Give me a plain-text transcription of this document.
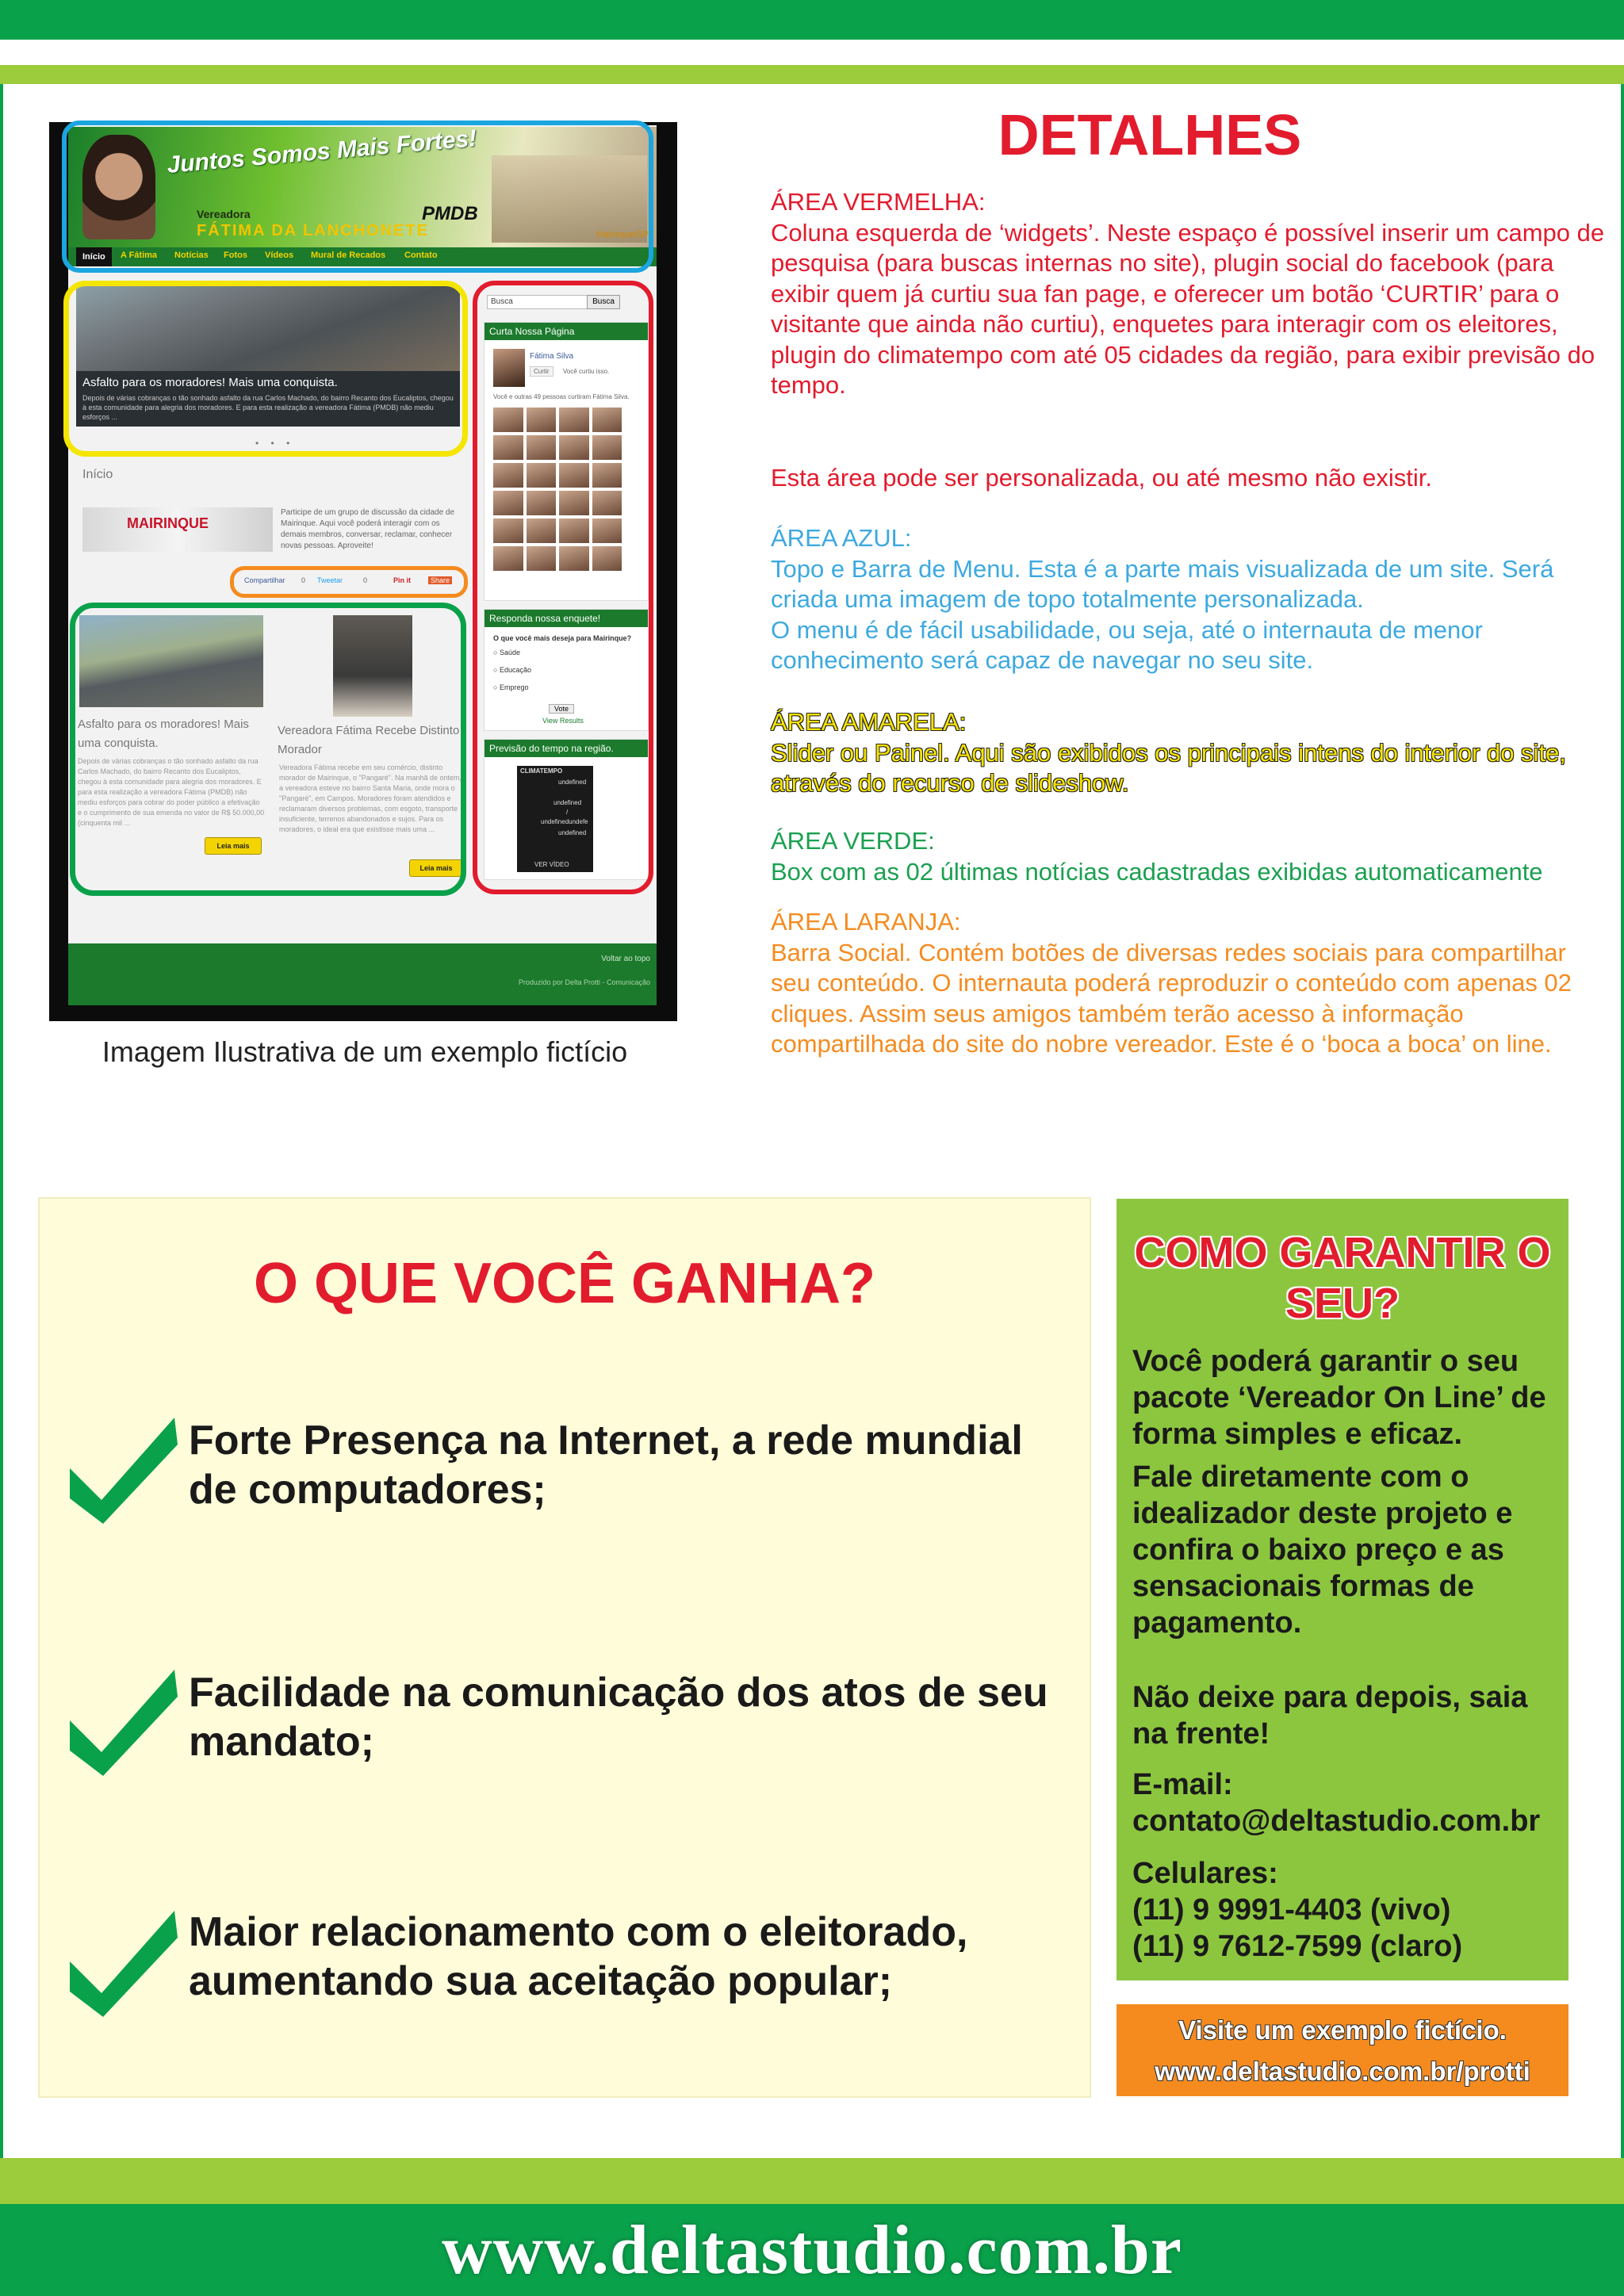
Juntos Somos Mais Fortes!
Vereadora
FÁTIMA DA LANCHONETE
PMDB
Mairinque/SP
Início	A Fátima Notícias Fotos Vídeos Mural de Recados Contato
Asfalto para os moradores! Mais uma conquista.
Depois de várias cobranças o tão sonhado asfalto da rua Carlos Machado, do bairro Recanto dos Eucaliptos, chegou à esta comunidade para alegria dos moradores. E para esta realização a vereadora Fátima (PMDB) não mediu esforços ...
• • •
Início
MAIRINQUE
Participe de um grupo de discussão da cidade de Mairinque. Aqui você poderá interagir com os demais membros, conversar, reclamar, conhecer novas pessoas. Aproveite!
Compartilhar 0 Tweetar	0	Pin it	Share
Asfalto para os moradores! Mais uma conquista.
Depois de várias cobranças o tão sonhado asfalto da rua Carlos Machado, do bairro Recanto dos Eucaliptos, chegou à esta comunidade para alegria dos moradores. E para esta realização a vereadora Fátima (PMDB) não mediu esforços para cobrar do poder público a efetivação e o cumprimento de sua emenda no valor de R$ 50.000,00 (cinquenta mil ...
Leia mais
Vereadora Fátima Recebe Distinto Morador
Vereadora Fátima recebe em seu comércio, distinto morador de Mairinque, o "Pangaré". Na manhã de ontem, a vereadora esteve no bairro Santa Maria, onde mora o "Pangaré", em Campos. Moradores foram atendidos e reclamaram diversos problemas, com esgoto, transporte insuficiente, terrenos abandonados e sujos. Para os moradores, o ideal era que existisse mais uma ...
Leia mais
Busca	Busca
Curta Nossa Página
Fátima Silva
Curtir	Você curtiu isso.
Você e outras 49 pessoas curtiram Fátima Silva.
Responda nossa enquete!
O que você mais deseja para Mairinque?
○ Saúde
○ Educação
○ Emprego
Vote
View Results
Previsão do tempo na região.
CLIMATEMPO
undefined
undefined
/
undefinedundefe
undefined
VER VÍDEO
Voltar ao topo
Produzido por Delta Protti - Comunicação
Imagem Ilustrativa de um exemplo fictício
DETALHES
ÁREA VERMELHA:
Coluna esquerda de ‘widgets’. Neste espaço é possível inserir um campo de pesquisa (para buscas internas no site), plugin social do facebook (para exibir quem já curtiu sua fan page, e oferecer um botão ‘CURTIR’ para o visitante que ainda não curtiu), enquetes para interagir com os eleitores, plugin do climatempo com até 05 cidades da região, para exibir previsão do tempo.
Esta área pode ser personalizada, ou até mesmo não existir.
ÁREA AZUL:
Topo e Barra de Menu. Esta é a parte mais visualizada de um site. Será criada uma imagem de topo totalmente personalizada.
O menu é de fácil usabilidade, ou seja, até o internauta de menor conhecimento será capaz de navegar no seu site.
ÁREA AMARELA:
Slider ou Painel. Aqui são exibidos os principais intens do interior do site, através do recurso de slideshow.
ÁREA VERDE:
Box com as 02 últimas notícias cadastradas exibidas automaticamente
ÁREA LARANJA:
Barra Social. Contém botões de diversas redes sociais para compartilhar seu conteúdo. O internauta poderá reproduzir o conteúdo com apenas 02 cliques. Assim seus amigos também terão acesso à informação compartilhada do site do nobre vereador. Este é o ‘boca a boca’ on line.
O QUE VOCÊ GANHA?
Forte Presença na Internet, a rede mundial de computadores;
Facilidade na comunicação dos atos de seu mandato;
Maior relacionamento com o eleitorado, aumentando sua aceitação popular;
COMO GARANTIR O SEU?
Você poderá garantir o seu pacote ‘Vereador On Line’ de forma simples e eficaz.
Fale diretamente com o idealizador deste projeto e confira o baixo preço e as sensacionais formas de pagamento.
Não deixe para depois, saia na frente!
E-mail:
contato@deltastudio.com.br
Celulares:
(11) 9 9991-4403 (vivo)
(11) 9 7612-7599 (claro)
Visite um exemplo fictício.
www.deltastudio.com.br/protti
www.deltastudio.com.br
